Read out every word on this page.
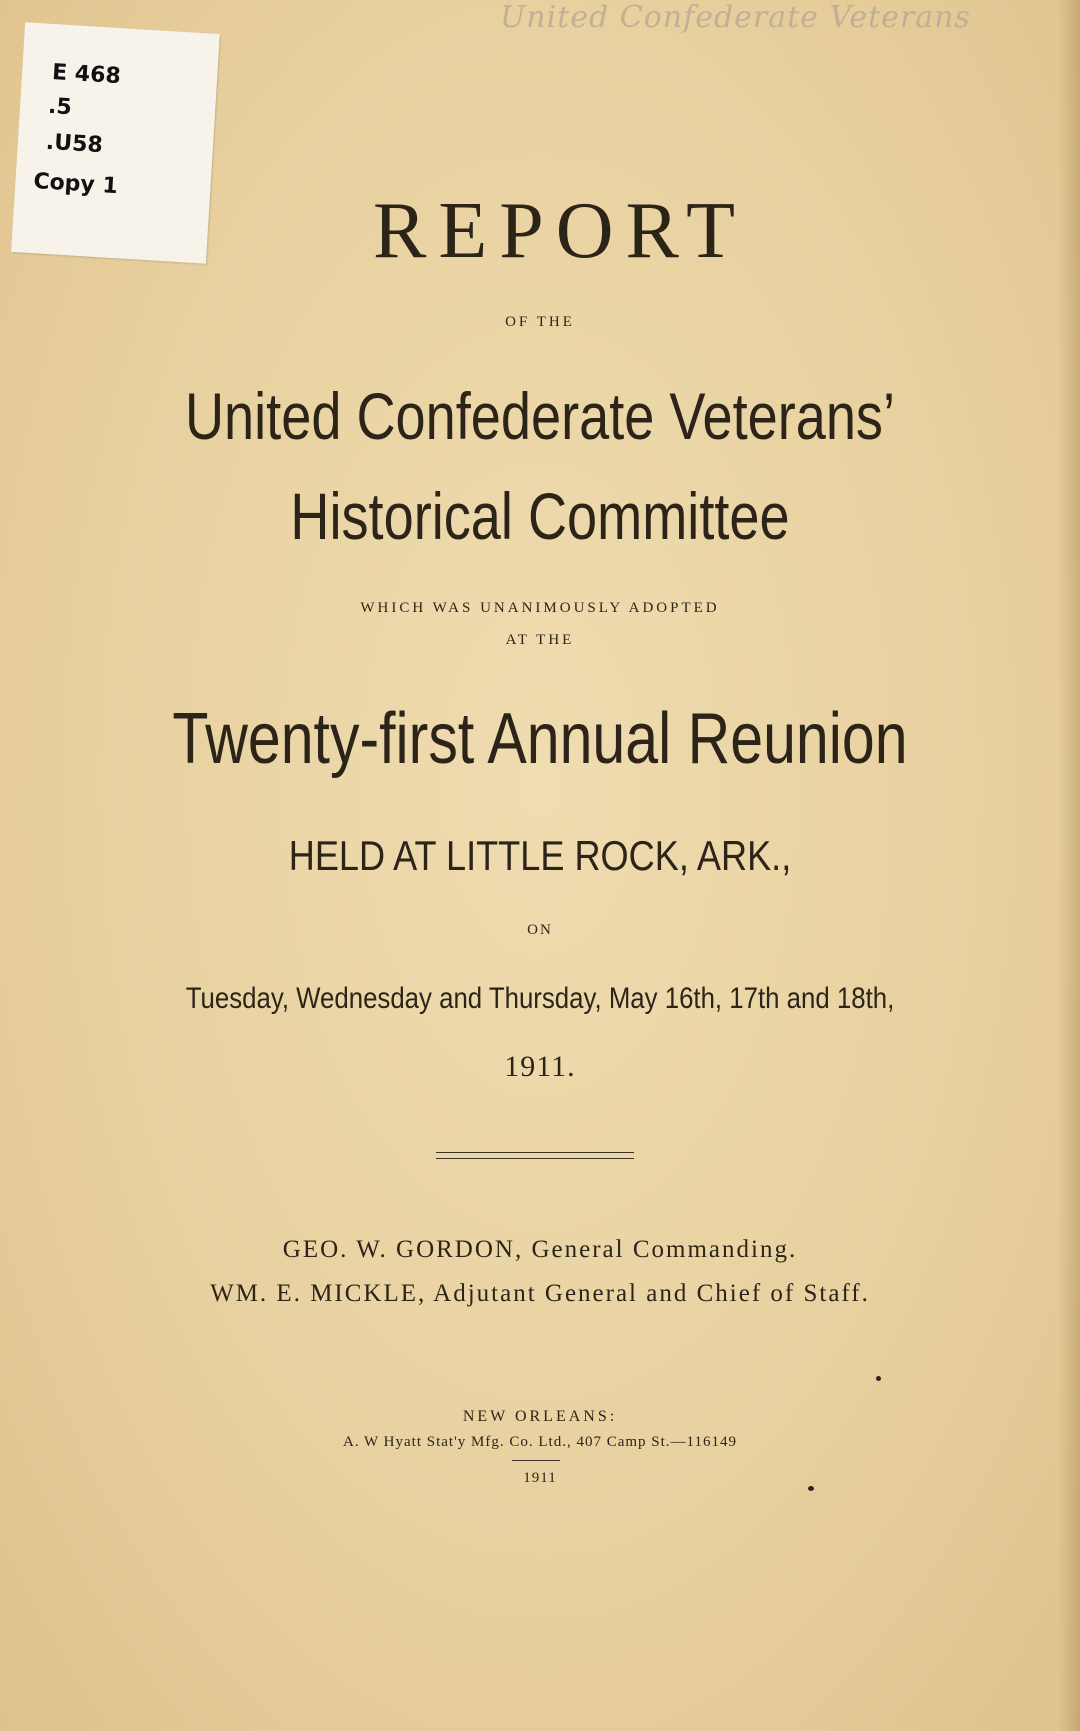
United Confederate Veterans
E 468
.5
.U58
Copy 1
REPORT
OF THE
United Confederate Veterans’
Historical Committee
WHICH WAS UNANIMOUSLY ADOPTED
AT THE
Twenty-first Annual Reunion
HELD AT LITTLE ROCK, ARK.,
ON
Tuesday, Wednesday and Thursday, May 16th, 17th and 18th,
1911.
GEO. W. GORDON, General Commanding.
WM. E. MICKLE, Adjutant General and Chief of Staff.
NEW ORLEANS:
A. W Hyatt Stat'y Mfg. Co. Ltd., 407 Camp St.—116149
1911
